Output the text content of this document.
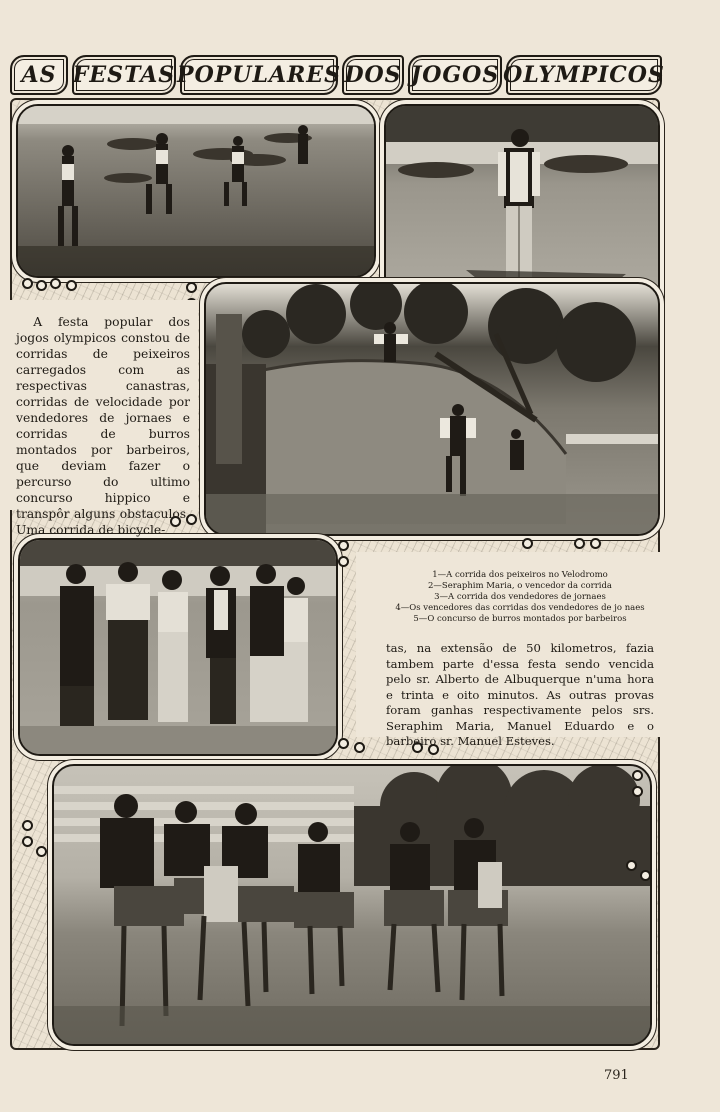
AS FESTAS POPULARES DOS JOGOS OLYMPICOS
A festa popular dos jogos olympicos constou de corridas de peixeiros carregados com as respectivas canastras, corridas de velocidade por vendedores de jornaes e corridas de burros montados por barbeiros, que deviam fazer o percurso do ultimo concurso hippico e transpôr alguns obstaculos. Uma corrida de bicycle-
1—A corrida dos peixeiros no Velodromo
2—Seraphim Maria, o vencedor da corrida
3—A corrida dos vendedores de jornaes
4—Os vencedores das corridas dos vendedores de jo naes
5—O concurso de burros montados por barbeiros

tas, na extensão de 50 kilometros, fazia tambem parte d'essa festa sendo vencida pelo sr. Alberto de Albuquerque n'uma hora e trinta e oito minutos. As outras provas foram ganhas respectivamente pelos srs. Seraphim Maria, Manuel Eduardo e o barbeiro sr. Manuel Esteves.

791
